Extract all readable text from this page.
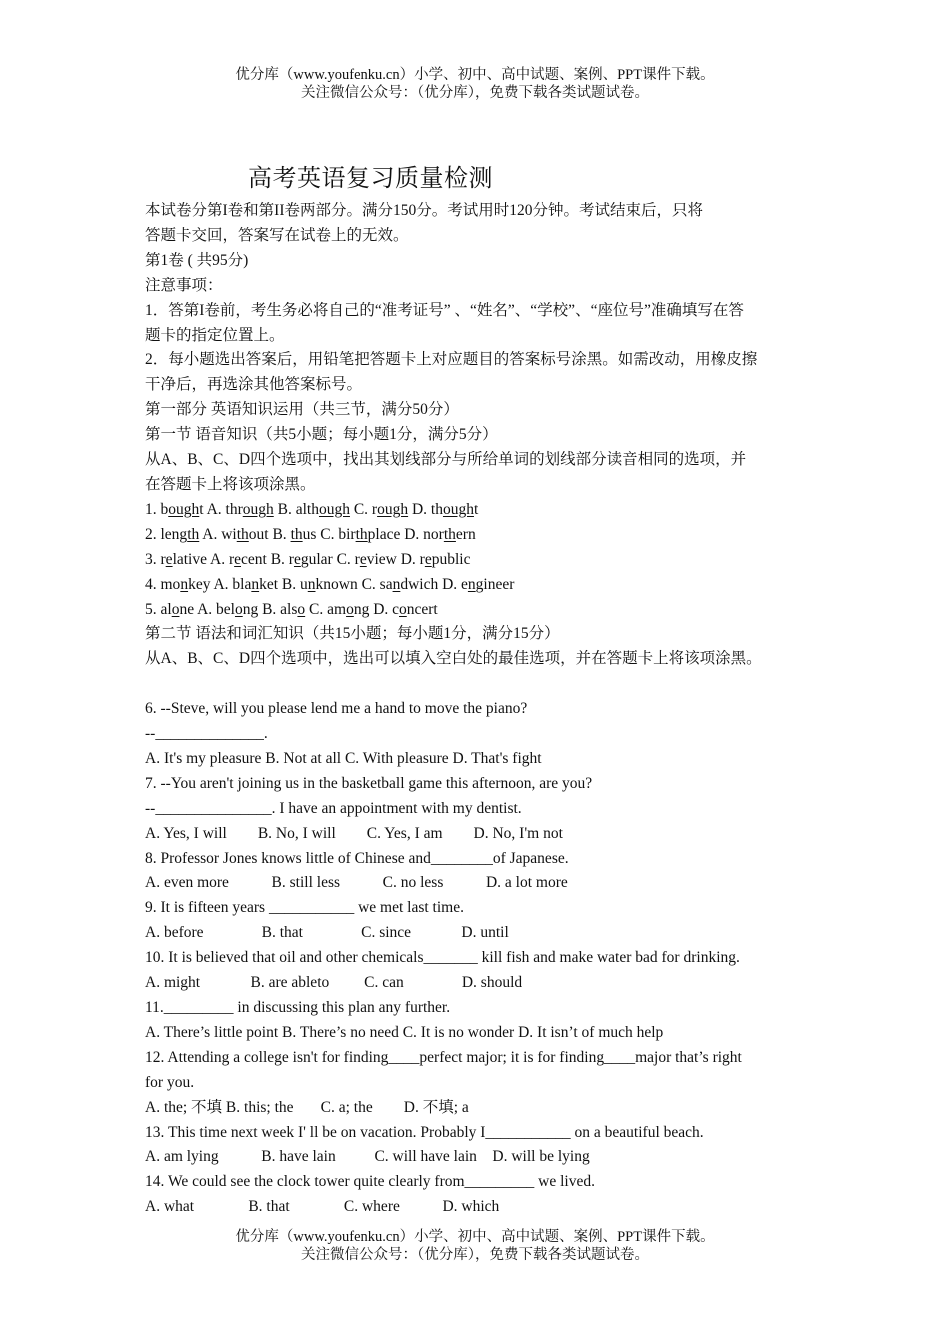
优分库（www.youfenku.cn）小学、初中、高中试题、案例、PPT课件下载。
关注微信公众号：（优分库），免费下载各类试题试卷。
高考英语复习质量检测

本试卷分第I卷和第II卷两部分。满分150分。考试用时120分钟。考试结束后，只将

答题卡交回，答案写在试卷上的无效。

第1卷 ( 共95分)

注意事项：

1．答第I卷前，考生务必将自己的“准考证号” 、“姓名”、“学校”、“座位号”准确填写在答

题卡的指定位置上。

2．每小题选出答案后，用铅笔把答题卡上对应题目的答案标号涂黑。如需改动，用橡皮擦

干净后，再选涂其他答案标号。

第一部分 英语知识运用（共三节，满分50分）

第一节 语音知识（共5小题；每小题1分，满分5分）

从A、B、C、D四个选项中，找出其划线部分与所给单词的划线部分读音相同的选项，并

在答题卡上将该项涂黑。

1. bought A. through B. although C. rough D. thought

2. length A. without B. thus C. birthplace D. northern

3. relative A. recent B. regular C. review D. republic

4. monkey A. blanket B. unknown C. sandwich D. engineer

5. alone A. belong B. also C. among D. concert

第二节 语法和词汇知识（共15小题；每小题1分，满分15分）

从A、B、C、D四个选项中，选出可以填入空白处的最佳选项，并在答题卡上将该项涂黑。

6. --Steve, will you please lend me a hand to move the piano?

--______________.

A. It's my pleasure B. Not at all C. With pleasure D. That's fight

7. --You aren't joining us in the basketball game this afternoon, are you?

--_______________. I have an appointment with my dentist.

A. Yes, I will        B. No, I will        C. Yes, I am        D. No, I'm not

8. Professor Jones knows little of Chinese and________of Japanese.

A. even more           B. still less           C. no less           D. a lot more

9. It is fifteen years ___________ we met last time.

A. before               B. that               C. since             D. until

10. It is believed that oil and other chemicals_______ kill fish and make water bad for drinking.

A. might             B. are ableto         C. can               D. should

11._________ in discussing this plan any further.

A. There’s little point B. There’s no need C. It is no wonder D. It isn’t of much help

12. Attending a college isn't for finding____perfect major; it is for finding____major that’s right

for you.

A. the; 不填 B. this; the       C. a; the        D. 不填; a

13. This time next week I' ll be on vacation. Probably I___________ on a beautiful beach.

A. am lying           B. have lain          C. will have lain    D. will be lying

14. We could see the clock tower quite clearly from_________ we lived.

A. what              B. that              C. where           D. which

优分库（www.youfenku.cn）小学、初中、高中试题、案例、PPT课件下载。
关注微信公众号：（优分库），免费下载各类试题试卷。
